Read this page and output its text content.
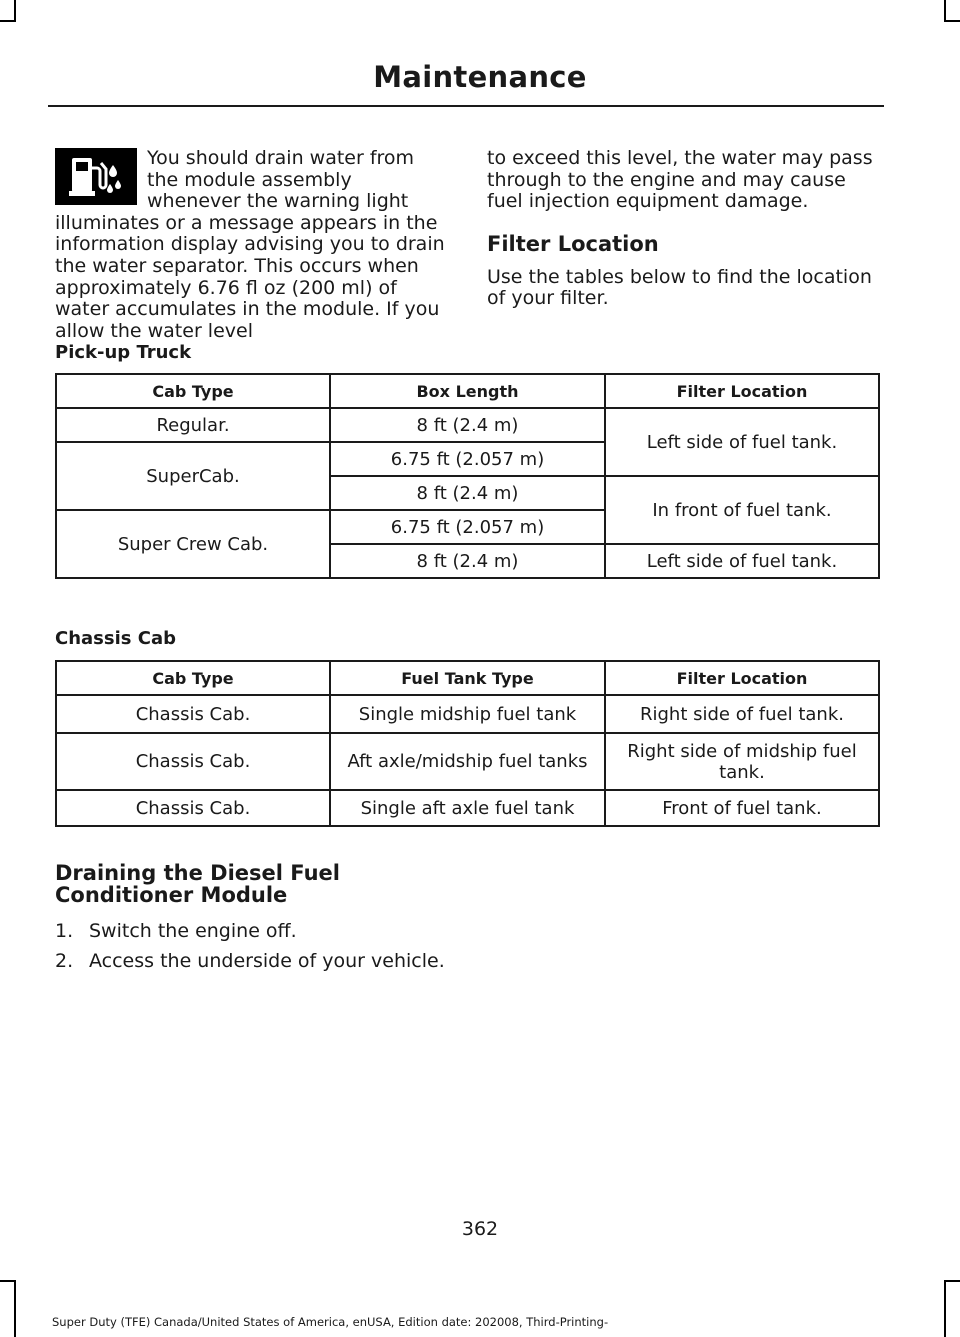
Maintenance

You should drain water from the module assembly whenever the warning light illuminates or a message appears in the information display advising you to drain the water separator. This occurs when approximately 6.76 fl oz (200 ml) of water accumulates in the module. If you allow the water level

to exceed this level, the water may pass through to the engine and may cause fuel injection equipment damage.

Filter Location

Use the tables below to find the location of your filter.

Pick-up Truck
Cab Type	Box Length	Filter Location
Regular.	8 ft (2.4 m)	Left side of fuel tank.
SuperCab.	6.75 ft (2.057 m)	
	8 ft (2.4 m)	In front of fuel tank.
Super Crew Cab.	6.75 ft (2.057 m)	
	8 ft (2.4 m)	Left side of fuel tank.
Chassis Cab
Cab Type	Fuel Tank Type	Filter Location
Chassis Cab.	Single midship fuel tank	Right side of fuel tank.
Chassis Cab.	Aft axle/midship fuel tanks	Right side of midship fuel tank.
Chassis Cab.	Single aft axle fuel tank	Front of fuel tank.
Draining the Diesel Fuel
Conditioner Module
1. Switch the engine off.
2. Access the underside of your vehicle.
362
Super Duty (TFE) Canada/United States of America, enUSA, Edition date: 202008, Third-Printing-
